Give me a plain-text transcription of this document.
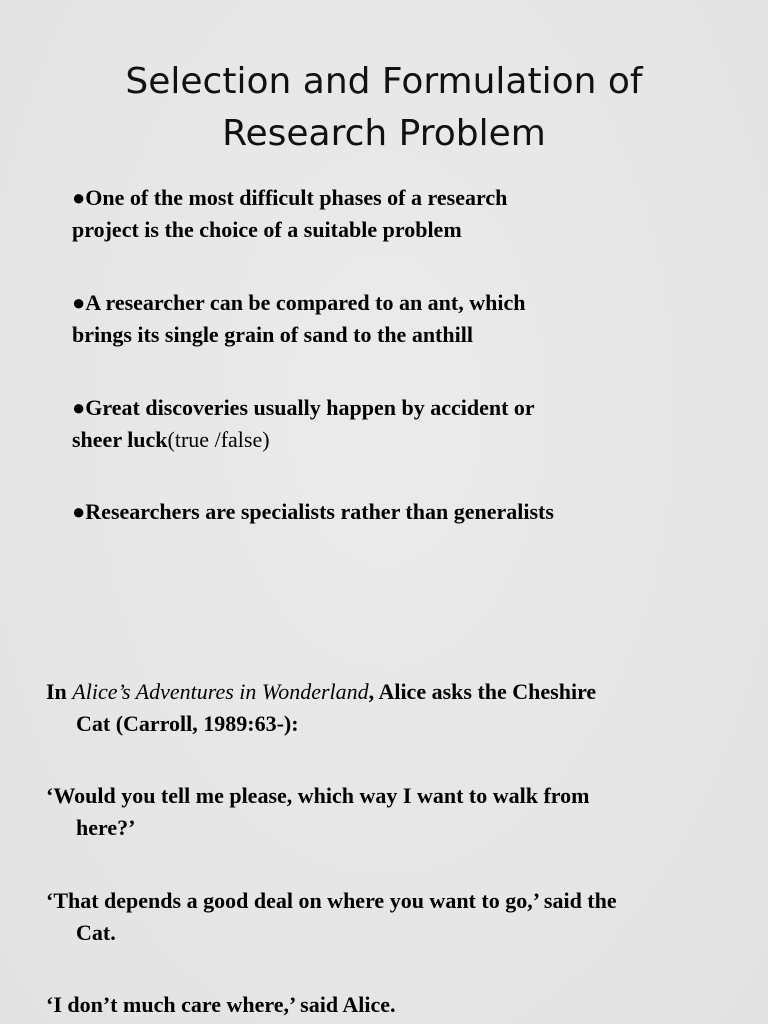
Selection and Formulation of
Research Problem
●One of the most difficult phases of a research
project is the choice of a suitable problem
●A researcher can be compared to an ant, which
brings its single grain of sand to the anthill
●Great discoveries usually happen by accident or
sheer luck(true /false)
●Researchers are specialists rather than generalists
In Alice’s Adventures in Wonderland, Alice asks the Cheshire
Cat (Carroll, 1989:63-):
‘Would you tell me please, which way I want to walk from
here?’
‘That depends a good deal on where you want to go,’ said the
Cat.
‘I don’t much care where,’ said Alice.
